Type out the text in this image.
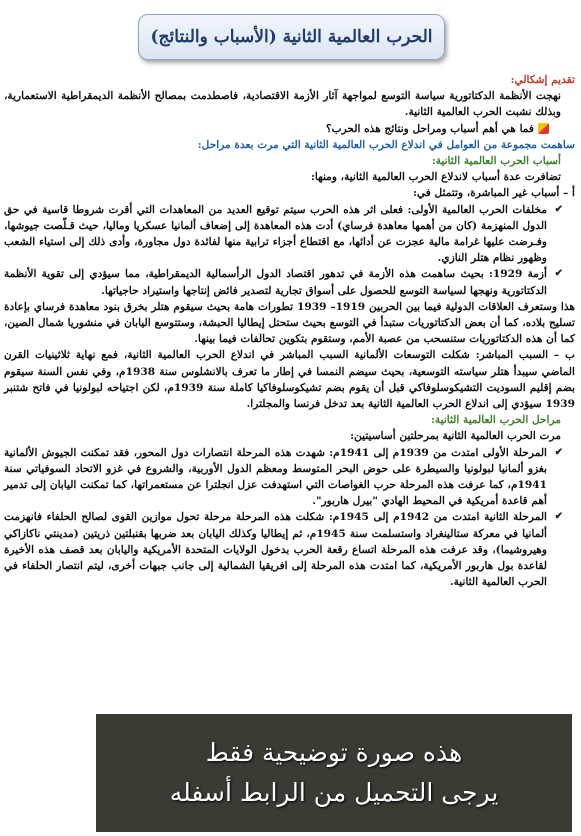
الحرب العالمية الثانية (الأسباب والنتائج)

تقديم إشكالي:

نهجت الأنظمة الدكتاتورية سياسة التوسع لمواجهة آثار الأزمة الاقتصادية، فاصطدمت بمصالح الأنظمة الديمقراطية الاستعمارية، وبذلك نشبت الحرب العالمية الثانية.

فما هي أهم أسباب ومراحل ونتائج هذه الحرب؟

ساهمت مجموعة من العوامل في اندلاع الحرب العالمية الثانية التي مرت بعدة مراحل:

أسباب الحرب العالمية الثانية:

تضافرت عدة أسباب لاندلاع الحرب العالمية الثانية، ومنها:

أ – أسباب غير المباشرة، وتتمثل في:

✔ مخلفات الحرب العالمية الأولى: فعلى اثر هذه الحرب سيتم توقيع العديد من المعاهدات التي أقرت شروطا قاسية في حق الدول المنهزمة (كان من أهمها معاهدة فرساي) أدت هذه المعاهدة إلى إضعاف ألمانيا عسكريا وماليا، حيث قـلّصت جيوشها، وفـرضت عليها غرامة مالية عجزت عن أدائها، مع اقتطاع أجزاء ترابية منها لفائدة دول مجاورة، وأدى ذلك إلى استياء الشعب وظهور نظام هتلر النازي.

✔ أزمة 1929: بحيث ساهمت هذه الأزمة في تدهور اقتصاد الدول الرأسمالية الديمقراطية، مما سيؤدي إلى تقوية الأنظمة الدكتاتورية ونهجها لسياسة التوسع للحصول على أسواق تجارية لتصدير فائض إنتاجها واستيراد حاجياتها.

هذا وستعرف العلاقات الدولية فيما بين الحربين 1919– 1939 تطورات هامة بحيث سيقوم هتلر بخرق بنود معاهدة فرساي بإعادة تسليح بلاده، كما أن بعض الدكتاتوريات ستبدأ في التوسع بحيث ستحتل إيطاليا الحبشة، وستتوسع اليابان في منشوريا شمال الصين، كما أن هذه الدكتاتوريات ستنسحب من عصبة الأمم، وستقوم بتكوين تحالفات فيما بينها.

ب – السبب المباشر: شكلت التوسعات الألمانية السبب المباشر في اندلاع الحرب العالمية الثانية، فمع نهاية ثلاثينيات القرن الماضي سيبدأ هتلر سياسته التوسعية، بحيث سيضم النمسا في إطار ما تعرف بالانشلوس سنة 1938م، وفي نفس السنة سيقوم بضم إقليم السوديت التشيكوسلوفاكي قبل أن يقوم بضم تشيكوسلوفاكيا كاملة سنة 1939م، لكن اجتياحه لبولونيا في فاتح شتنبر 1939 سيؤدي إلى اندلاع الحرب العالمية الثانية بعد تدخل فرنسا والمجلترا.

مراحل الحرب العالمية الثانية:

مرت الحرب العالمية الثانية بمرحلتين أساسيتين:

✔ المرحلة الأولى امتدت من 1939م إلى 1941م: شهدت هذه المرحلة انتصارات دول المحور، فقد تمكنت الجيوش الألمانية بغزو ألمانيا لبولونيا والسيطرة على حوض البحر المتوسط ومعظم الدول الأوربية، والشروع في غزو الاتحاد السوفياتي سنة 1941م، كما عرفت هذه المرحلة حرب الغواصات التي استهدفت عزل انجلترا عن مستعمراتها، كما تمكنت اليابان إلى تدمير أهم قاعدة أمريكية في المحيط الهادي "بيرل هاربور".

✔ المرحلة الثانية امتدت من 1942م إلى 1945م: شكلت هذه المرحلة مرحلة تحول موازين القوى لصالح الحلفاء فانهزمت ألمانيا في معركة ستالينغراد واستسلمت سنة 1945م، ثم إيطاليا وكذلك اليابان بعد ضربها بقنبلتين ذريتين (مدينتي ناكازاكي وهيروشيما)، وقد عرفت هذه المرحلة اتساع رقعة الحرب بدخول الولايات المتحدة الأمريكية واليابان بعد قصف هذه الأخيرة لقاعدة بول هاربور الأمريكية، كما امتدت هذه المرحلة إلى افريقيا الشمالية إلى جانب جبهات أخرى، ليتم انتصار الحلفاء في الحرب العالمية الثانية.

هذه صورة توضيحية فقط
يرجى التحميل من الرابط أسفله
